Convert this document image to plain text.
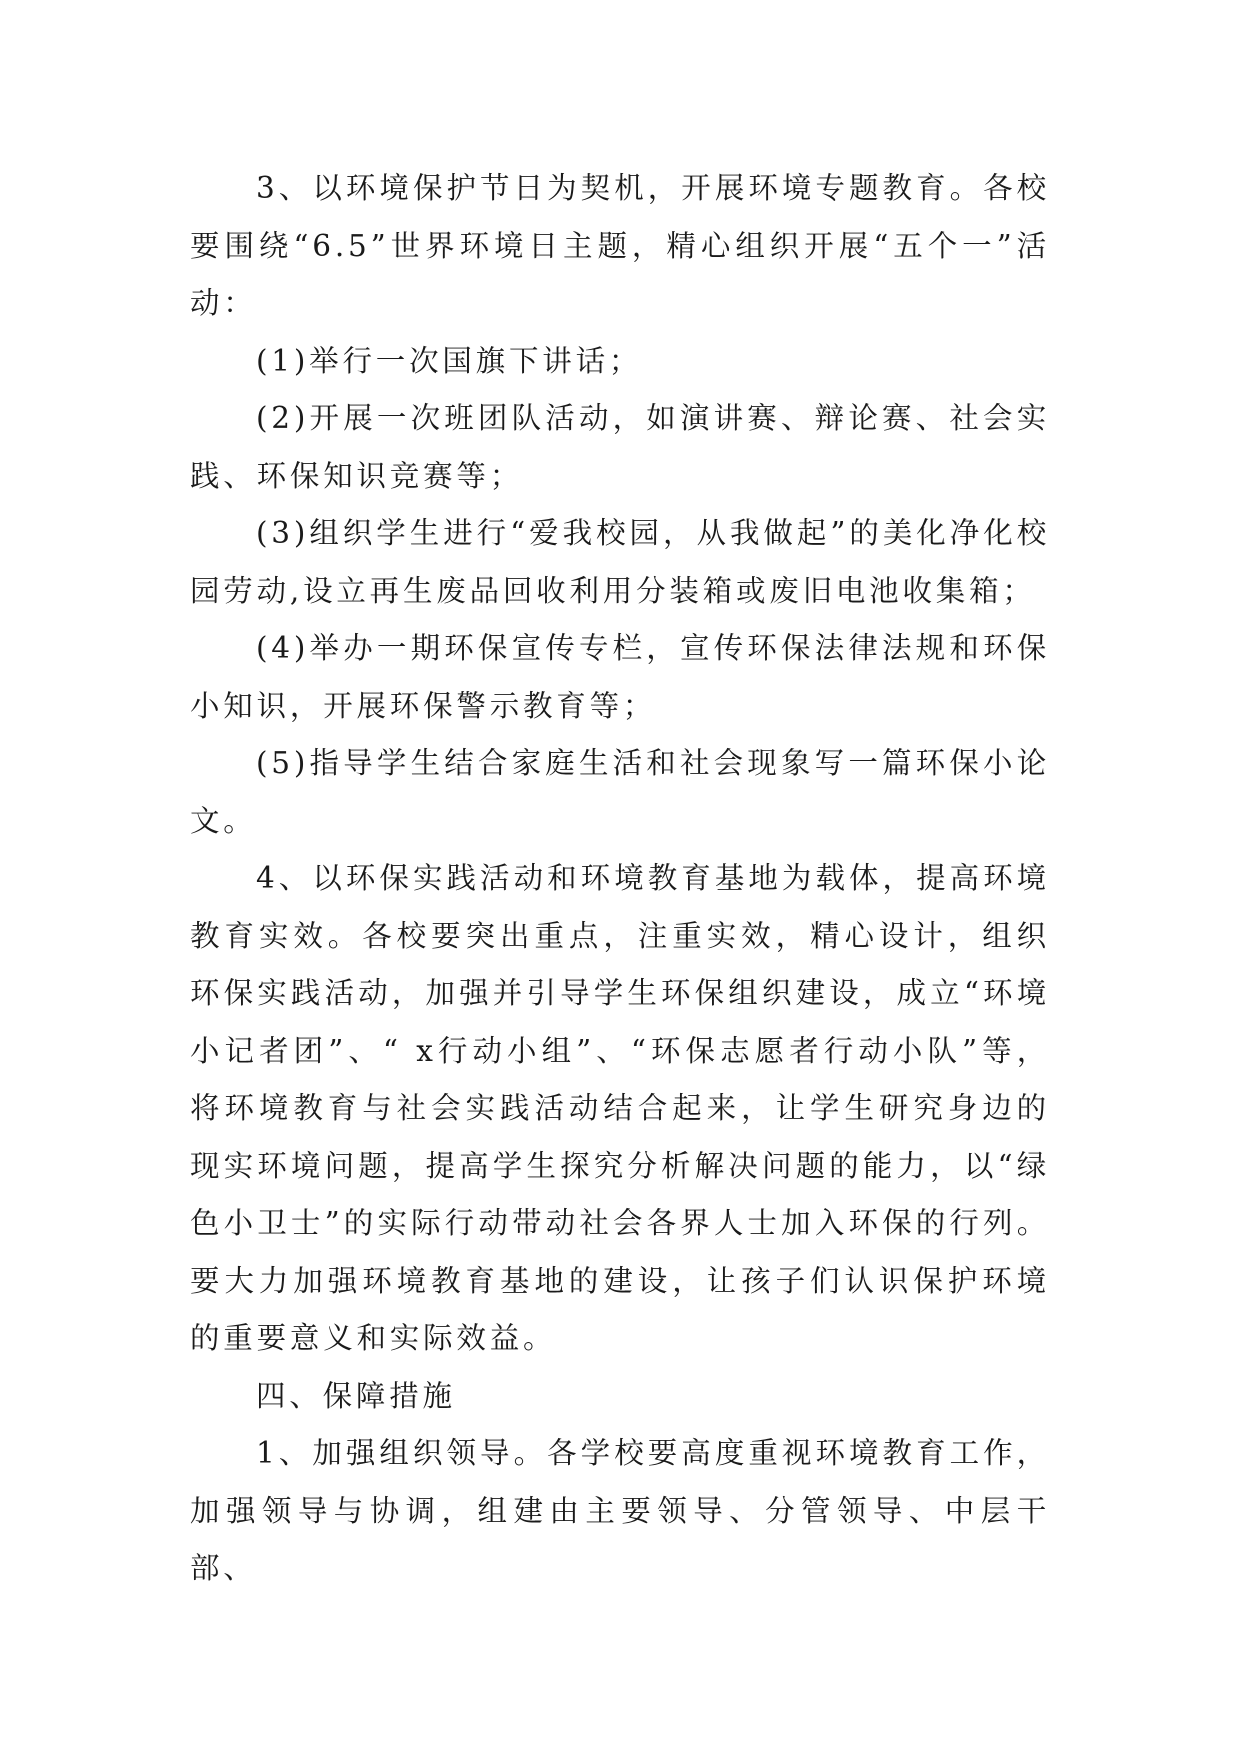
3、以环境保护节日为契机，开展环境专题教育。各校要围绕“6.5”世界环境日主题，精心组织开展“五个一”活动：

(1)举行一次国旗下讲话；

(2)开展一次班团队活动，如演讲赛、辩论赛、社会实践、环保知识竞赛等；

(3)组织学生进行“爱我校园，从我做起”的美化净化校园劳动,设立再生废品回收利用分装箱或废旧电池收集箱；

(4)举办一期环保宣传专栏，宣传环保法律法规和环保小知识，开展环保警示教育等；

(5)指导学生结合家庭生活和社会现象写一篇环保小论文。

4、以环保实践活动和环境教育基地为载体，提高环境教育实效。各校要突出重点，注重实效，精心设计，组织环保实践活动，加强并引导学生环保组织建设，成立“环境小记者团”、“ x行动小组”、“环保志愿者行动小队”等，将环境教育与社会实践活动结合起来，让学生研究身边的现实环境问题，提高学生探究分析解决问题的能力，以“绿色小卫士”的实际行动带动社会各界人士加入环保的行列。要大力加强环境教育基地的建设，让孩子们认识保护环境的重要意义和实际效益。

四、保障措施

1、加强组织领导。各学校要高度重视环境教育工作，加强领导与协调，组建由主要领导、分管领导、中层干部、
